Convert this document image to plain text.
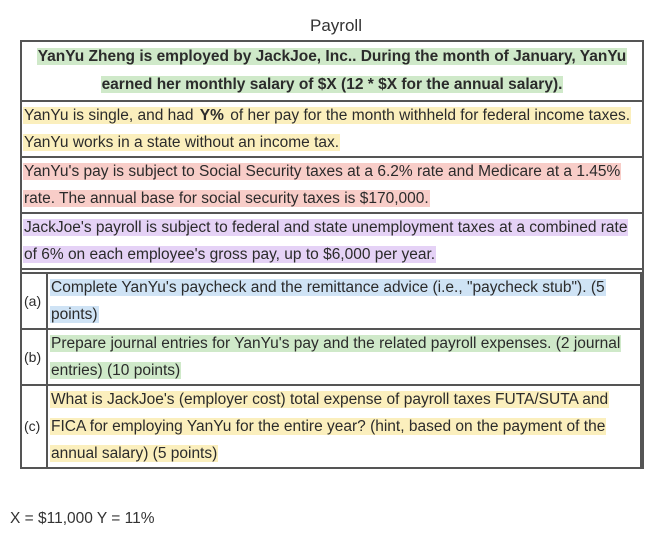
Payroll
YanYu Zheng is employed by JackJoe, Inc.. During the month of January, YanYu
earned her monthly salary of $X (12 * $X for the annual salary).
YanYu is single, and had Y% of her pay for the month withheld for federal income taxes. YanYu works in a state without an income tax.
YanYu's pay is subject to Social Security taxes at a 6.2% rate and Medicare at a 1.45% rate. The annual base for social security taxes is $170,000.
JackJoe's payroll is subject to federal and state unemployment taxes at a combined rate of 6% on each employee's gross pay, up to $6,000 per year.
(a)
Complete YanYu's paycheck and the remittance advice (i.e., "paycheck stub"). (5 points)
(b)
Prepare journal entries for YanYu's pay and the related payroll expenses. (2 journal entries) (10 points)
(c)
What is JackJoe's (employer cost) total expense of payroll taxes FUTA/SUTA and FICA for employing YanYu for the entire year? (hint, based on the payment of the annual salary) (5 points)
X = $11,000 Y = 11%
